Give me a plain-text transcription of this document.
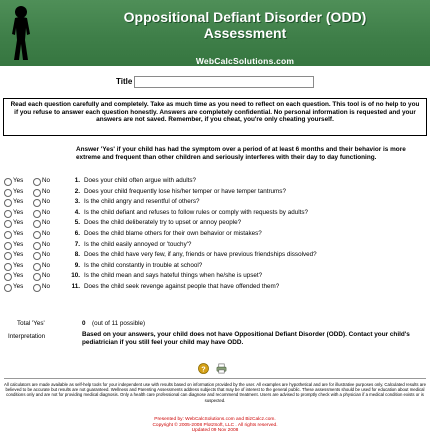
Oppositional Defiant Disorder (ODD)
Assessment
WebCalcSolutions.com
Title
Read each question carefully and completely. Take as much time as you need to reflect on each question. This tool is of no help to you if you refuse to answer each question honestly. Answers are completely confidential. No personal information is requested and your answers are not saved. Remember, if you cheat, you're only cheating yourself.
Answer 'Yes' if your child has had the symptom over a period of at least 6 months and their behavior is more extreme and frequent than other children and seriously interferes with their day to day functioning.
Yes	No	1. Does your child often argue with adults?
Yes	No	2. Does your child frequently lose his/her temper or have temper tantrums?
Yes	No	3. Is the child angry and resentful of others?
Yes	No	4. Is the child defiant and refuses to follow rules or comply with requests by adults?
Yes	No	5. Does the child deliberately try to upset or annoy people?
Yes	No	6. Does the child blame others for their own behavior or mistakes?
Yes	No	7. Is the child easily annoyed or 'touchy'?
Yes	No	8. Does the child have very few, if any, friends or have previous friendships dissolved?
Yes	No	9. Is the child constantly in trouble at school?
Yes	No	10. Is the child mean and says hateful things when he/she is upset?
Yes	No	11. Does the child seek revenge against people that have offended them?
Total 'Yes'	0 (out of 11 possible)
Interpretation	Based on your answers, your child does not have Oppositional Defiant Disorder (ODD). Contact your child's pediatrician if you still feel your child may have ODD.
?

All calculators are made available as self-help tools for your independent use with results based on information provided by the user. All examples are hypothetical and are for illustrative purposes only. Calculated results are believed to be accurate but results are not guaranteed. Wellness and Parenting Assessments address subjects that may be of interest to the general public. These assessments should be used for education about medical conditions only and are not for providing medical diagnosis. Only a health care professional can diagnose and recommend treatment. Users are advised to promptly check with a physician if a medical condition exists or is suspected.
Presented by: WebCalcSolutions.com and BizCalcz.com.
Copyright © 2005-2008 PlotzSoft, LLC . All rights reserved.
Updated 09 Nov 2008
